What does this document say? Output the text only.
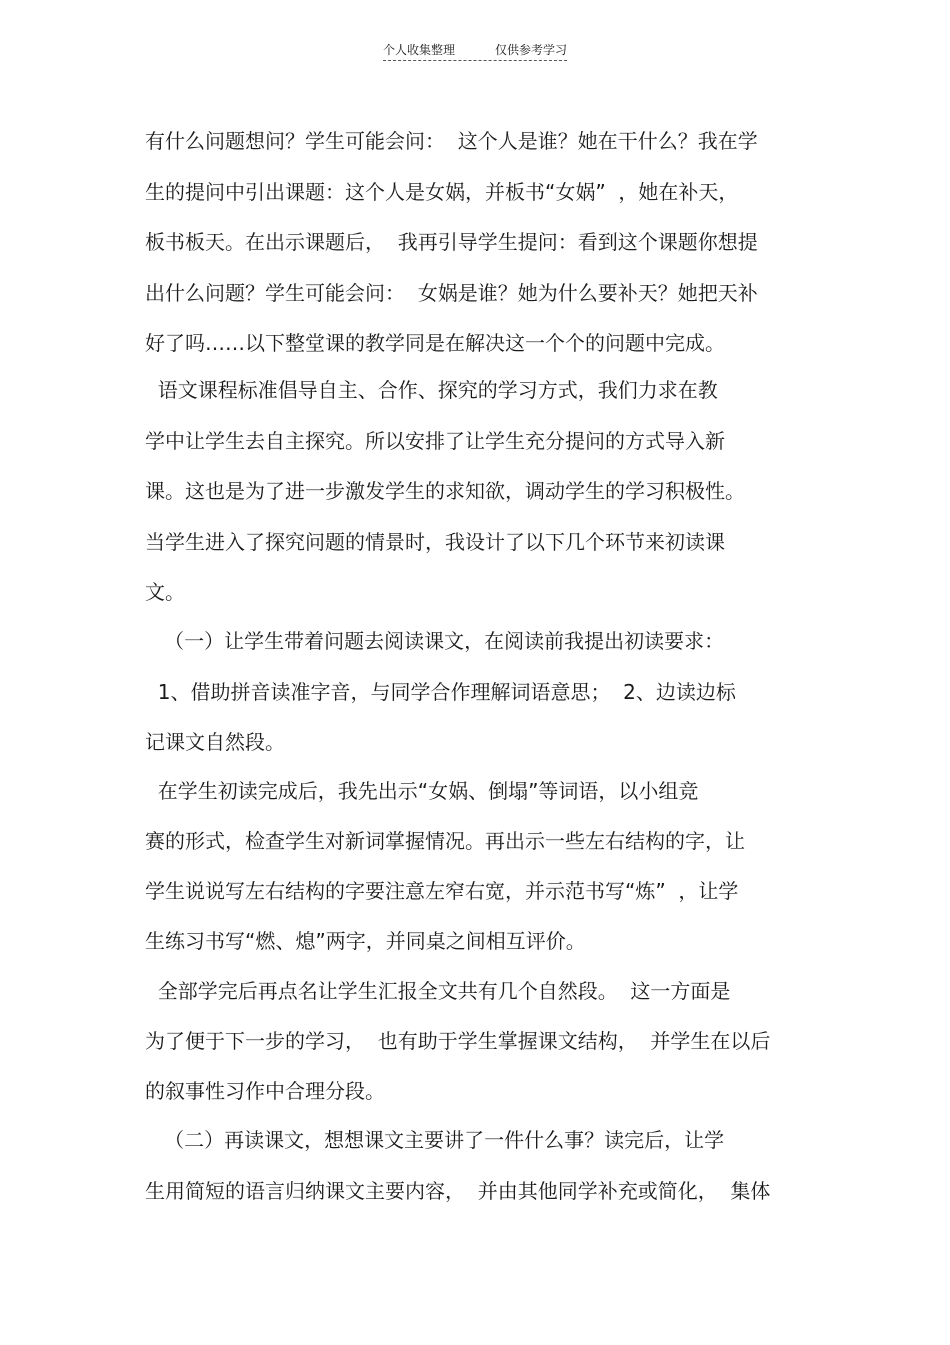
个人收集整理	仅供参考学习
有什么问题想问？学生可能会问：  这个人是谁？她在干什么？我在学
生的提问中引出课题：这个人是女娲，并板书“女娲”  ，她在补天，
板书板天。在出示课题后，  我再引导学生提问：看到这个课题你想提
出什么问题？学生可能会问：  女娲是谁？她为什么要补天？她把天补
好了吗……以下整堂课的教学同是在解决这一个个的问题中完成。
语文课程标准倡导自主、合作、探究的学习方式，我们力求在教
学中让学生去自主探究。所以安排了让学生充分提问的方式导入新
课。这也是为了进一步激发学生的求知欲，调动学生的学习积极性。
当学生进入了探究问题的情景时，我设计了以下几个环节来初读课
文。
（一）让学生带着问题去阅读课文，在阅读前我提出初读要求：
1、借助拼音读准字音，与同学合作理解词语意思；  2、边读边标
记课文自然段。
在学生初读完成后，我先出示“女娲、倒塌”等词语，以小组竞
赛的形式，检查学生对新词掌握情况。再出示一些左右结构的字，让
学生说说写左右结构的字要注意左窄右宽，并示范书写“炼”  ，让学
生练习书写“燃、熄”两字，并同桌之间相互评价。
全部学完后再点名让学生汇报全文共有几个自然段。  这一方面是
为了便于下一步的学习，  也有助于学生掌握课文结构，  并学生在以后
的叙事性习作中合理分段。
（二）再读课文，想想课文主要讲了一件什么事？读完后，让学
生用简短的语言归纳课文主要内容，  并由其他同学补充或简化，  集体
